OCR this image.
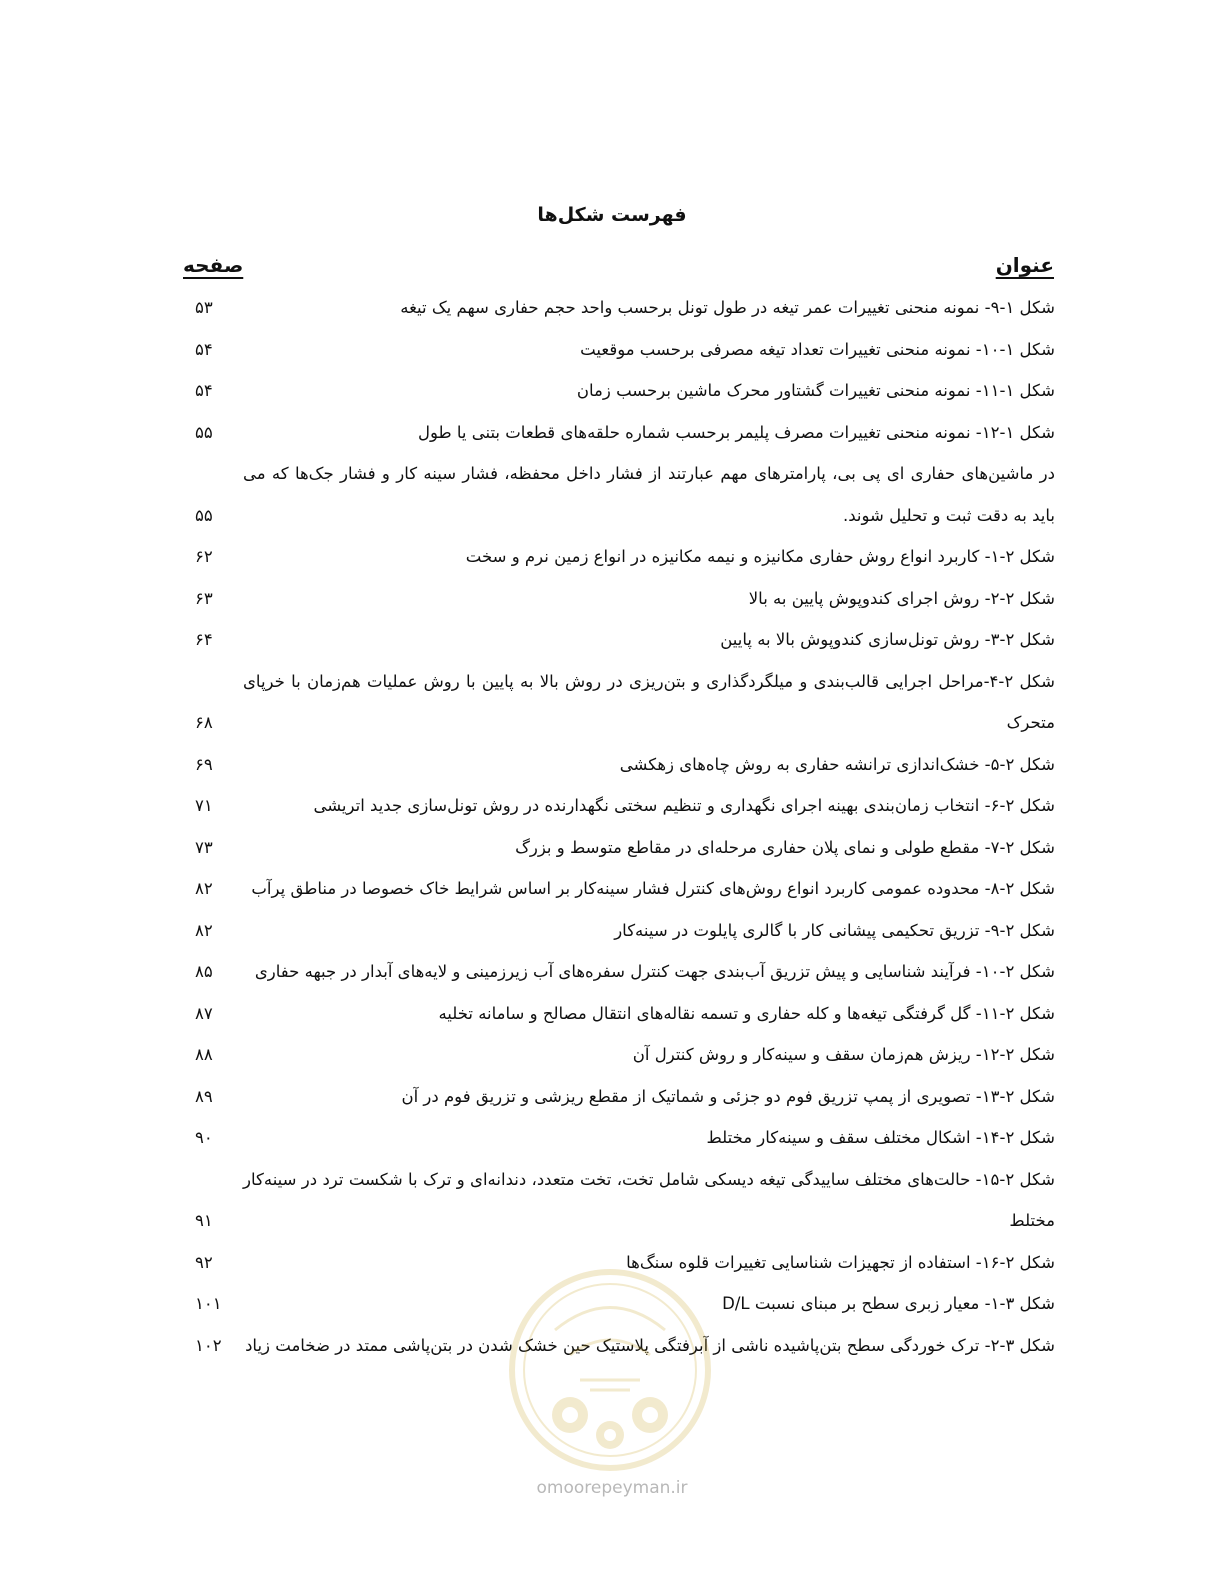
فهرست شکل‌ها
عنوان
صفحه
شکل ۱-۹- نمونه منحنی تغییرات عمر تیغه در طول تونل برحسب واحد حجم حفاری سهم یک تیغه
۵۳
شکل ۱-۱۰- نمونه منحنی تغییرات تعداد تیغه مصرفی برحسب موقعیت
۵۴
شکل ۱-۱۱- نمونه منحنی تغییرات گشتاور محرک ماشین برحسب زمان
۵۴
شکل ۱-۱۲- نمونه منحنی تغییرات مصرف پلیمر برحسب شماره حلقه‌های قطعات بتنی یا طول
۵۵
در ماشین‌های حفاری ای پی بی، پارامترهای مهم عبارتند از فشار داخل محفظه، فشار سینه کار و فشار جک‌ها که می باید به دقت ثبت و تحلیل شوند.
۵۵
شکل ۲-۱- کاربرد انواع روش حفاری مکانیزه و نیمه مکانیزه در انواع زمین نرم و سخت
۶۲
شکل ۲-۲- روش اجرای کندوپوش پایین به بالا
۶۳
شکل ۲-۳- روش تونل‌سازی کندوپوش بالا به پایین
۶۴
شکل ۲-۴-مراحل اجرایی قالب‌بندی و میلگردگذاری و بتن‌ریزی در روش بالا به پایین با روش عملیات هم‌زمان با خرپای متحرک
۶۸
شکل ۲-۵- خشک‌اندازی ترانشه حفاری به روش چاه‌های زهکشی
۶۹
شکل ۲-۶- انتخاب زمان‌بندی بهینه اجرای نگهداری و تنظیم سختی نگهدارنده در روش تونل‌سازی جدید اتریشی
۷۱
شکل ۲-۷- مقطع طولی و نمای پلان حفاری مرحله‌ای در مقاطع متوسط و بزرگ
۷۳
شکل ۲-۸- محدوده عمومی کاربرد انواع روش‌های کنترل فشار سینه‌کار بر اساس شرایط خاک خصوصا در مناطق پرآب
۸۲
شکل ۲-۹- تزریق تحکیمی پیشانی کار با گالری پایلوت در سینه‌کار
۸۲
شکل ۲-۱۰- فرآیند شناسایی و پیش تزریق آب‌بندی جهت کنترل سفره‌های آب زیرزمینی و لایه‌های آبدار در جبهه حفاری
۸۵
شکل ۲-۱۱- گل گرفتگی تیغه‌ها و کله حفاری و تسمه نقاله‌های انتقال مصالح و سامانه تخلیه
۸۷
شکل ۲-۱۲- ریزش هم‌زمان سقف و سینه‌کار و روش کنترل آن
۸۸
شکل ۲-۱۳- تصویری از پمپ تزریق فوم دو جزئی و شماتیک از مقطع ریزشی و تزریق فوم در آن
۸۹
شکل ۲-۱۴- اشکال مختلف سقف و سینه‌کار مختلط
۹۰
شکل ۲-۱۵- حالت‌های مختلف ساییدگی تیغه دیسکی شامل تخت، تخت متعدد، دندانه‌ای و ترک با شکست ترد در سینه‌کار مختلط
۹۱
شکل ۲-۱۶- استفاده از تجهیزات شناسایی تغییرات قلوه سنگ‌ها
۹۲
شکل ۳-۱- معیار زبری سطح بر مبنای نسبت D/L
۱۰۱
شکل ۳-۲- ترک خوردگی سطح بتن‌پاشیده ناشی از آبرفتگی پلاستیک حین خشک شدن در بتن‌پاشی ممتد در ضخامت زیاد
۱۰۲
omoorepeyman.ir
